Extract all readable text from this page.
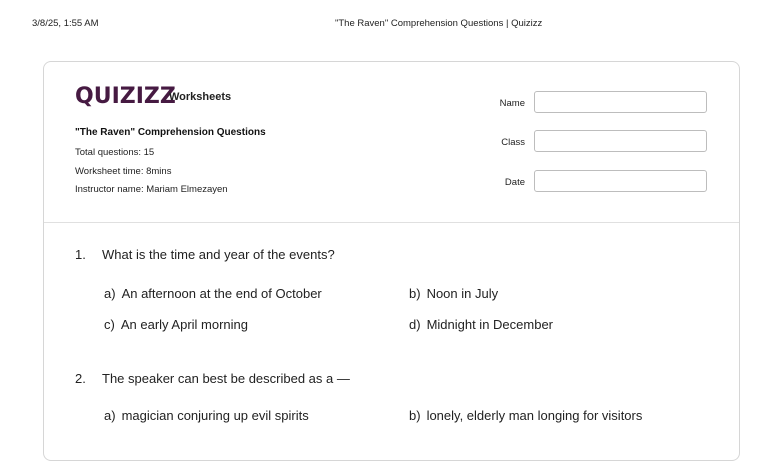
3/8/25, 1:55 AM	"The Raven" Comprehension Questions | Quizizz
QUIZIZZ
Worksheets
"The Raven" Comprehension Questions
Total questions: 15
Worksheet time: 8mins
Instructor name: Mariam Elmezayen
Name
Class
Date
1. What is the time and year of the events?
a) An afternoon at the end of October	b) Noon in July
c) An early April morning	d) Midnight in December
2. The speaker can best be described as a —
a) magician conjuring up evil spirits	b) lonely, elderly man longing for visitors
